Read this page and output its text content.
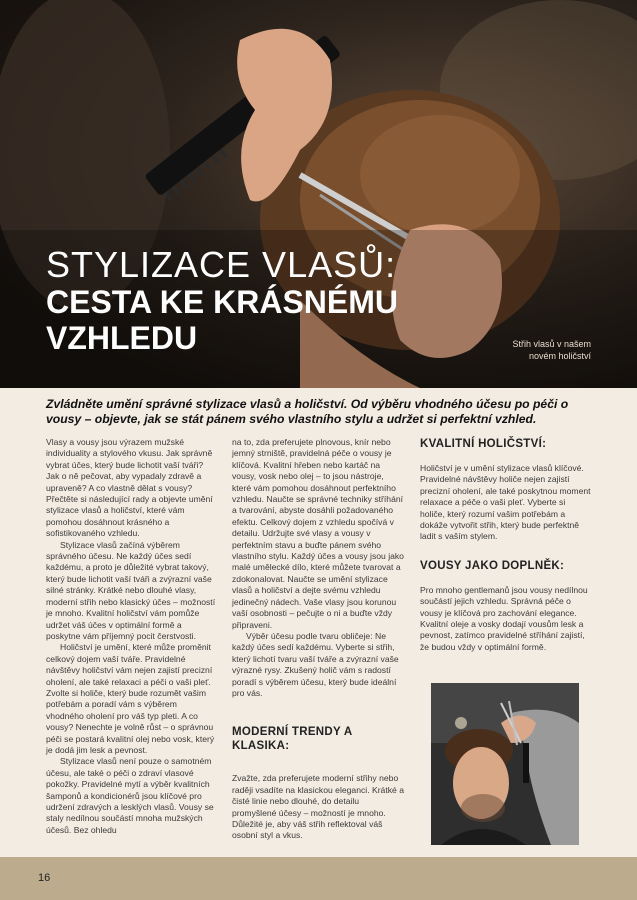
STYLIZACE VLASŮ:
CESTA KE KRÁSNÉMU VZHLEDU	Střih vlasů v našem novém holičství

Zvládněte umění správné stylizace vlasů a holičství. Od výběru vhodného účesu po péči o vousy – objevte, jak se stát pánem svého vlastního stylu a udržet si perfektní vzhled.

Vlasy a vousy jsou výrazem mužské individuality a stylového vkusu. Jak správně vybrat účes, který bude lichotit vaší tváři? Jak o ně pečovat, aby vypadaly zdravě a upraveně? A co vlastně dělat s vousy? Přečtěte si následující rady a objevte umění stylizace vlasů a holičství, které vám pomohou dosáhnout krásného a sofistikovaného vzhledu.

Stylizace vlasů začíná výběrem správného účesu. Ne každý účes sedí každému, a proto je důležité vybrat takový, který bude lichotit vaší tváři a zvýrazní vaše silné stránky. Krátké nebo dlouhé vlasy, moderní střih nebo klasický účes – možností je mnoho. Kvalitní holičství vám pomůže udržet váš účes v optimální formě a poskytne vám příjemný pocit čerstvosti.

Holičství je umění, které může proměnit celkový dojem vaší tváře. Pravidelné návštěvy holičství vám nejen zajistí precizní oholení, ale také relaxaci a péči o vaši pleť. Zvolte si holiče, který bude rozumět vašim potřebám a poradí vám s výběrem vhodného oholení pro váš typ pleti. A co vousy? Nenechte je volně růst – o správnou péči se postará kvalitní olej nebo vosk, který je dodá jim lesk a pevnost.

Stylizace vlasů není pouze o samotném účesu, ale také o péči o zdraví vlasové pokožky. Pravidelné mytí a výběr kvalitních šamponů a kondicionérů jsou klíčové pro udržení zdravých a lesklých vlasů. Vousy se staly nedílnou součástí mnoha mužských účesů. Bez ohledu

na to, zda preferujete plnovous, knír nebo jemný strniště, pravidelná péče o vousy je klíčová. Kvalitní hřeben nebo kartáč na vousy, vosk nebo olej – to jsou nástroje, které vám pomohou dosáhnout perfektního vzhledu. Naučte se správné techniky stříhání a tvarování, abyste dosáhli požadovaného efektu. Celkový dojem z vzhledu spočívá v detailu. Udržujte své vlasy a vousy v perfektním stavu a buďte pánem svého vlastního stylu. Každý účes a vousy jsou jako malé umělecké dílo, které můžete tvarovat a zdokonalovat. Naučte se umění stylizace vlasů a holičství a dejte svému vzhledu jedinečný nádech. Vaše vlasy jsou korunou vaší osobnosti – pečujte o ni a buďte vždy připraveni.

Výběr účesu podle tvaru obličeje: Ne každý účes sedí každému. Vyberte si střih, který lichotí tvaru vaší tváře a zvýrazní vaše výrazné rysy. Zkušený holič vám s radostí poradí s výběrem účesu, který bude ideální pro vás.

MODERNÍ TRENDY A KLASIKA:

Zvažte, zda preferujete moderní střihy nebo raději vsadíte na klasickou eleganci. Krátké a čisté linie nebo dlouhé, do detailu promyšlené účesy – možností je mnoho. Důležité je, aby váš střih reflektoval váš osobní styl a vkus.

KVALITNÍ HOLIČSTVÍ:

Holičství je v umění stylizace vlasů klíčové. Pravidelné návštěvy holiče nejen zajistí precizní oholení, ale také poskytnou moment relaxace a péče o vaši pleť. Vyberte si holiče, který rozumí vašim potřebám a dokáže vytvořit střih, který bude perfektně ladit s vaším stylem.

VOUSY JAKO DOPLNĚK:

Pro mnoho gentlemanů jsou vousy nedílnou součástí jejich vzhledu. Správná péče o vousy je klíčová pro zachování elegance. Kvalitní oleje a vosky dodají vousům lesk a pevnost, zatímco pravidelné stříhání zajistí, že budou vždy v optimální formě.

16
